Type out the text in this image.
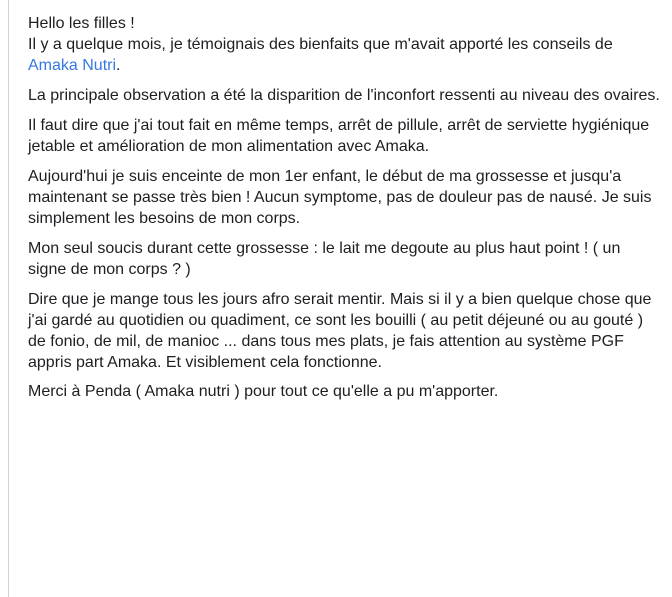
Hello les filles !
Il y a quelque mois, je témoignais des bienfaits que m'avait apporté les conseils de Amaka Nutri.

La principale observation a été la disparition de l'inconfort ressenti au niveau des ovaires.

Il faut dire que j'ai tout fait en même temps, arrêt de pillule, arrêt de serviette hygiénique jetable et amélioration de mon alimentation avec Amaka.

Aujourd'hui je suis enceinte de mon 1er enfant, le début de ma grossesse et jusqu'a maintenant se passe très bien ! Aucun symptome, pas de douleur pas de nausé. Je suis simplement les besoins de mon corps.

Mon seul soucis durant cette grossesse : le lait me degoute au plus haut point ! ( un signe de mon corps ? )

Dire que je mange tous les jours afro serait mentir. Mais si il y a bien quelque chose que j'ai gardé au quotidien ou quadiment, ce sont les bouilli ( au petit déjeuné ou au gouté ) de fonio, de mil, de manioc ... dans tous mes plats, je fais attention au système PGF appris part Amaka. Et visiblement cela fonctionne.

Merci à Penda ( Amaka nutri ) pour tout ce qu'elle a pu m'apporter.
